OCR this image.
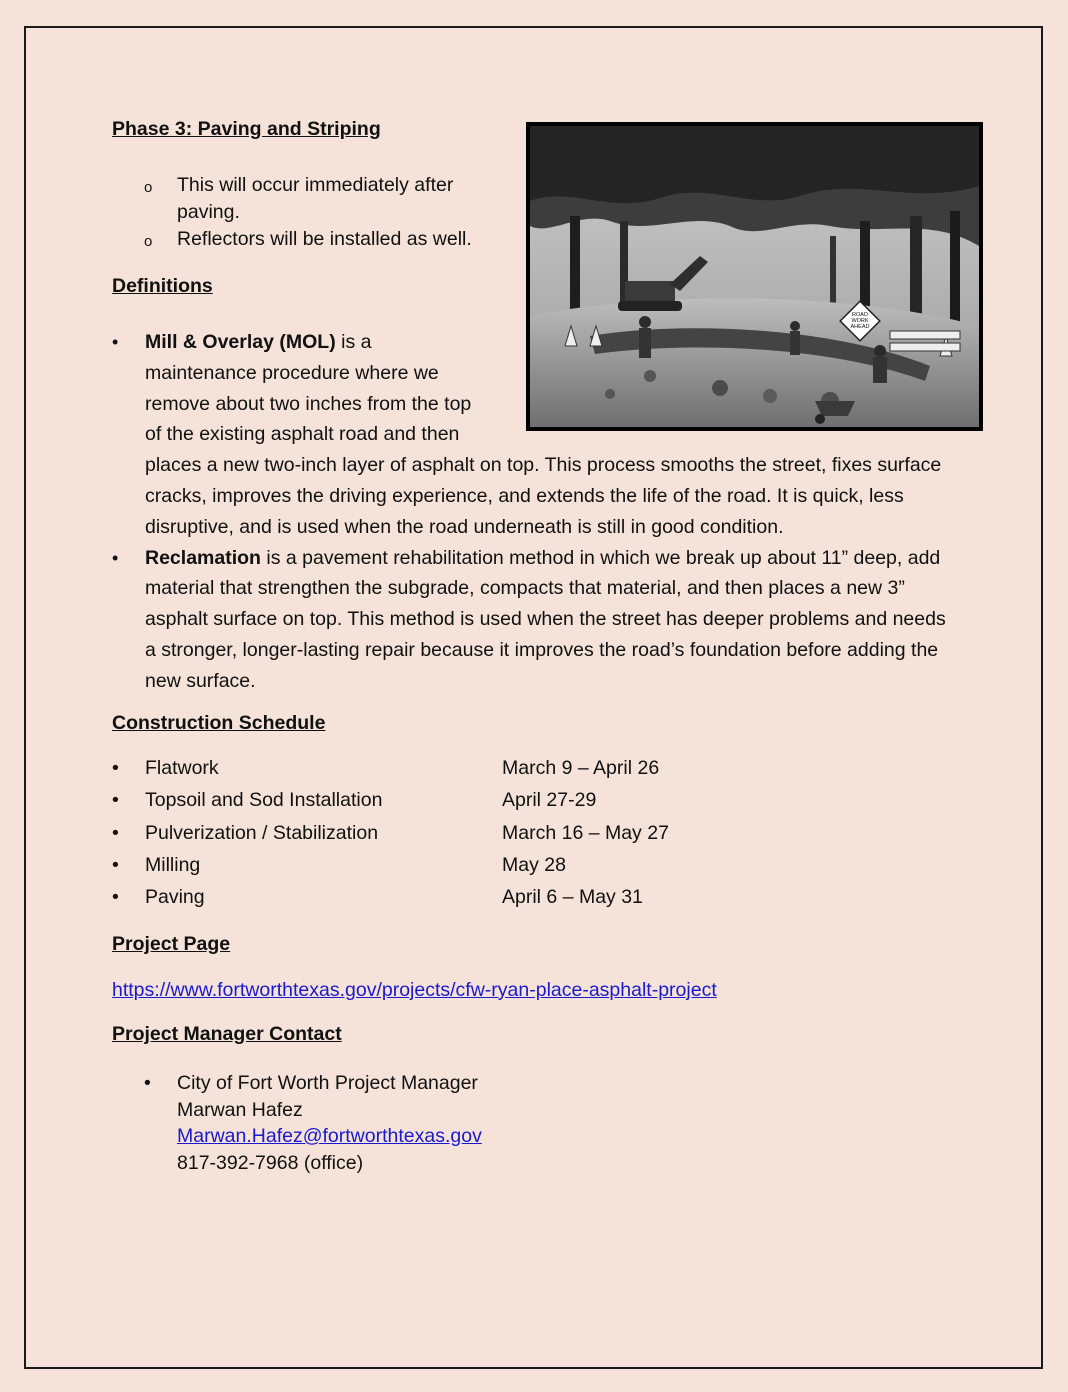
Phase 3: Paving and Striping
o This will occur immediately after paving.
o Reflectors will be installed as well.
ROAD
WORK
AHEAD
Definitions
• Mill & Overlay (MOL) is a maintenance procedure where we remove about two inches from the top of the existing asphalt road and then places a new two-inch layer of asphalt on top. This process smooths the street, fixes surface cracks, improves the driving experience, and extends the life of the road. It is quick, less disruptive, and is used when the road underneath is still in good condition.
• Reclamation is a pavement rehabilitation method in which we break up about 11” deep, add material that strengthen the subgrade, compacts that material, and then places a new 3” asphalt surface on top. This method is used when the street has deeper problems and needs a stronger, longer-lasting repair because it improves the road’s foundation before adding the new surface.
Construction Schedule
• Flatwork	March 9 – April 26
• Topsoil and Sod Installation	April 27-29
• Pulverization / Stabilization	March 16 – May 27
• Milling	May 28
• Paving	April 6 – May 31
Project Page
https://www.fortworthtexas.gov/projects/cfw-ryan-place-asphalt-project
Project Manager Contact
• City of Fort Worth Project Manager
Marwan Hafez
Marwan.Hafez@fortworthtexas.gov
817-392-7968 (office)
